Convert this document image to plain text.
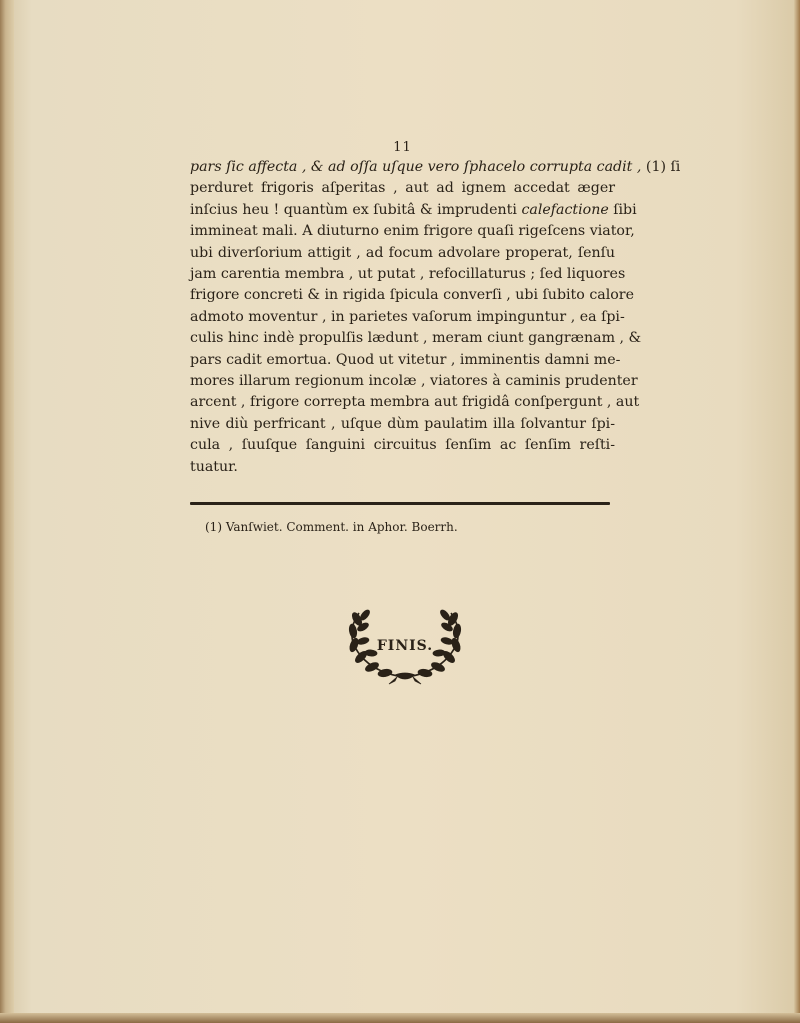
11
pars ſic affecta , & ad oſſa uſque vero ſphacelo corrupta cadit , (1) ſi
perduret frigoris aſperitas , aut ad ignem accedat æger
inſcius heu ! quantùm ex ſubitâ & imprudenti calefactione ſibi
immineat mali. A diuturno enim frigore quaſi rigeſcens viator,
ubi diverſorium attigit , ad focum advolare properat, ſenſu
jam carentia membra , ut putat , refocillaturus ; ſed liquores
frigore concreti & in rigida ſpicula converſi , ubi ſubito calore
admoto moventur , in parietes vaſorum impinguntur , ea ſpi-
culis hinc indè propulſis lædunt , meram ciunt gangrænam , &
pars cadit emortua. Quod ut vitetur , imminentis damni me-
mores illarum regionum incolæ , viatores à caminis prudenter
arcent , frigore correpta membra aut frigidâ conſpergunt , aut
nive diù perfricant , uſque dùm paulatim illa ſolvantur ſpi-
cula , ſuuſque ſanguini circuitus ſenſim ac ſenſim reſti-
tuatur.
(1) Vanſwiet. Comment. in Aphor. Boerrh.
FINIS.
